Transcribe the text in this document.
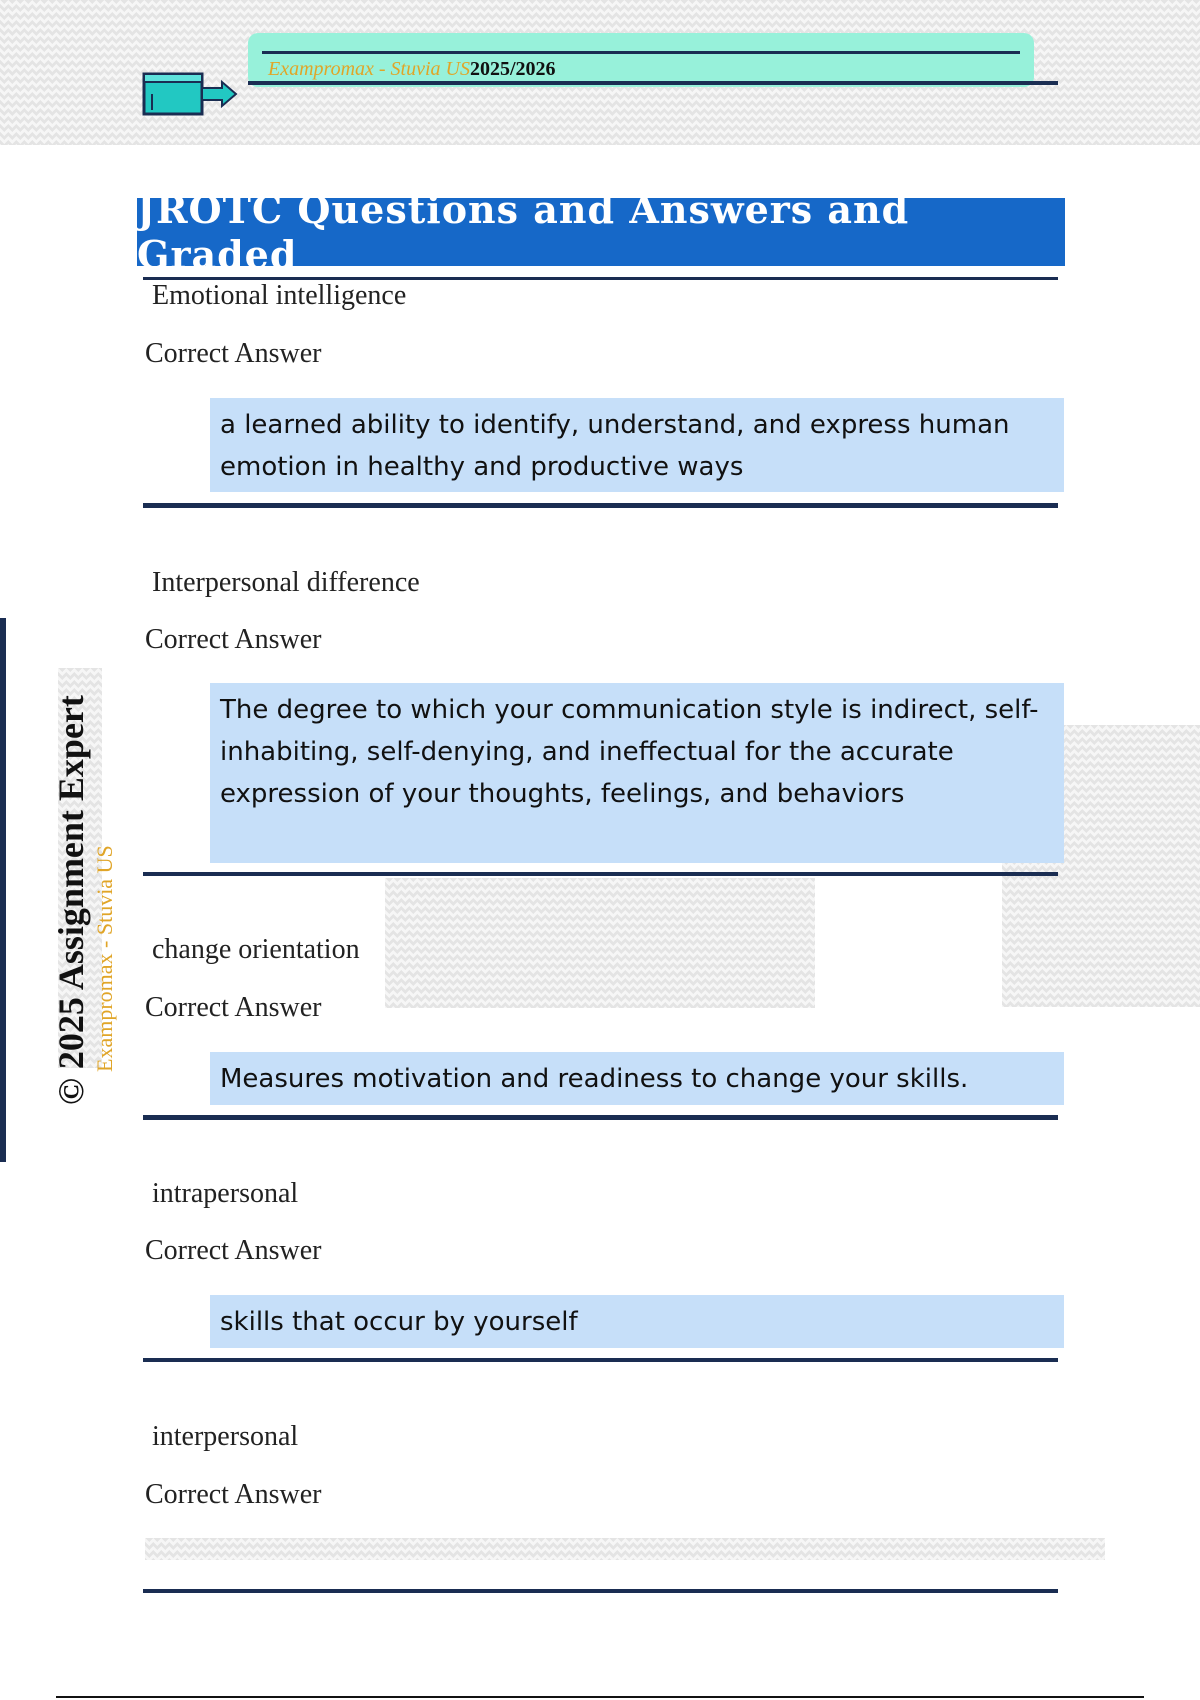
Exampromax - Stuvia US2025/2026
Exampromax - Stuvia US
© 2025 Assignment Expert
JROTC Questions and Answers and Graded
Emotional intelligence
Correct Answer
a learned ability to identify, understand, and express human emotion in healthy and productive ways
Interpersonal difference
Correct Answer
The degree to which your communication style is indirect, self-inhabiting, self-denying, and ineffectual for the accurate expression of your thoughts, feelings, and behaviors
change orientation
Correct Answer
Measures motivation and readiness to change your skills.
intrapersonal
Correct Answer
skills that occur by yourself
interpersonal
Correct Answer
